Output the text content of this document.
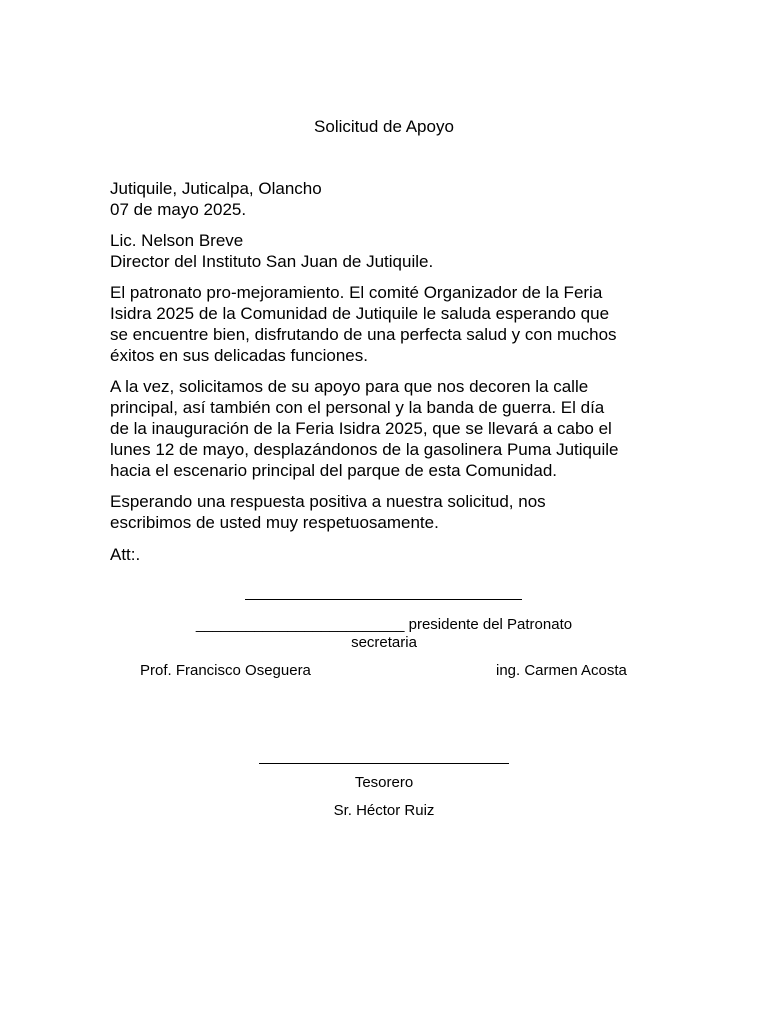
Solicitud de Apoyo

Jutiquile, Juticalpa, Olancho
07 de mayo 2025.

Lic. Nelson Breve
Director del Instituto San Juan de Jutiquile.

El patronato pro-mejoramiento. El comité Organizador de la Feria
Isidra 2025 de la Comunidad de Jutiquile le saluda esperando que
se encuentre bien, disfrutando de una perfecta salud y con muchos
éxitos en sus delicadas funciones.

A la vez, solicitamos de su apoyo para que nos decoren la calle
principal, así también con el personal y la banda de guerra. El día
de la inauguración de la Feria Isidra 2025, que se llevará a cabo el
lunes 12 de mayo, desplazándonos de la gasolinera Puma Jutiquile
hacia el escenario principal del parque de esta Comunidad.

Esperando una respuesta positiva a nuestra solicitud, nos
escribimos de usted muy respetuosamente.

Att:.

_________________________ presidente del Patronato
secretaria
Prof. Francisco Oseguera	ing. Carmen Acosta
Tesorero
Sr. Héctor Ruiz
